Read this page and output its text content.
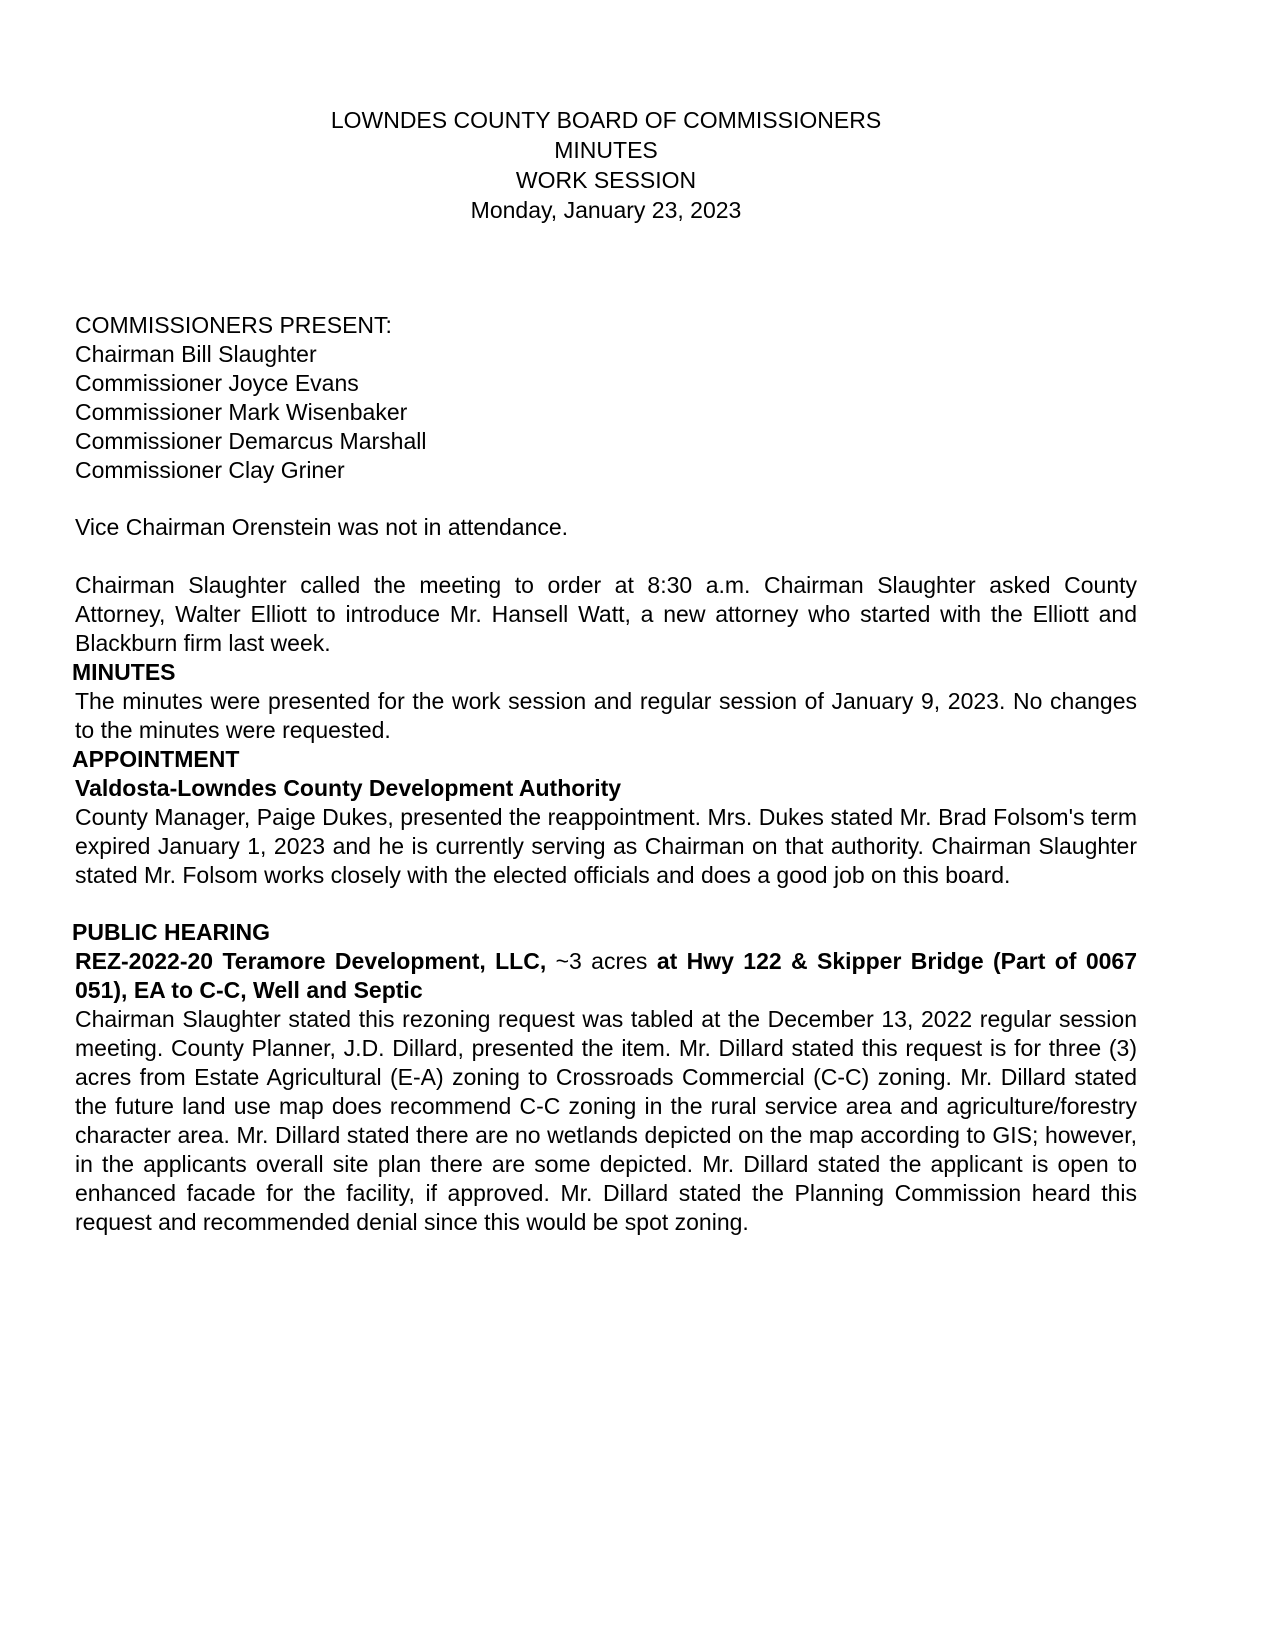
LOWNDES COUNTY BOARD OF COMMISSIONERS
MINUTES
WORK SESSION
Monday, January 23, 2023
COMMISSIONERS PRESENT:
Chairman Bill Slaughter
Commissioner Joyce Evans
Commissioner Mark Wisenbaker
Commissioner Demarcus Marshall
Commissioner Clay Griner

Vice Chairman Orenstein was not in attendance.

Chairman Slaughter called the meeting to order at 8:30 a.m. Chairman Slaughter asked County Attorney, Walter Elliott to introduce Mr. Hansell Watt, a new attorney who started with the Elliott and Blackburn firm last week.

MINUTES

The minutes were presented for the work session and regular session of January 9, 2023. No changes to the minutes were requested.

APPOINTMENT
Valdosta-Lowndes County Development Authority

County Manager, Paige Dukes, presented the reappointment. Mrs. Dukes stated Mr. Brad Folsom's term expired January 1, 2023 and he is currently serving as Chairman on that authority. Chairman Slaughter stated Mr. Folsom works closely with the elected officials and does a good job on this board.

PUBLIC HEARING
REZ-2022-20 Teramore Development, LLC, ~3 acres at Hwy 122 & Skipper Bridge (Part of 0067 051), EA to C-C, Well and Septic

Chairman Slaughter stated this rezoning request was tabled at the December 13, 2022 regular session meeting. County Planner, J.D. Dillard, presented the item. Mr. Dillard stated this request is for three (3) acres from Estate Agricultural (E-A) zoning to Crossroads Commercial (C-C) zoning. Mr. Dillard stated the future land use map does recommend C-C zoning in the rural service area and agriculture/forestry character area. Mr. Dillard stated there are no wetlands depicted on the map according to GIS; however, in the applicants overall site plan there are some depicted. Mr. Dillard stated the applicant is open to enhanced facade for the facility, if approved. Mr. Dillard stated the Planning Commission heard this request and recommended denial since this would be spot zoning.
